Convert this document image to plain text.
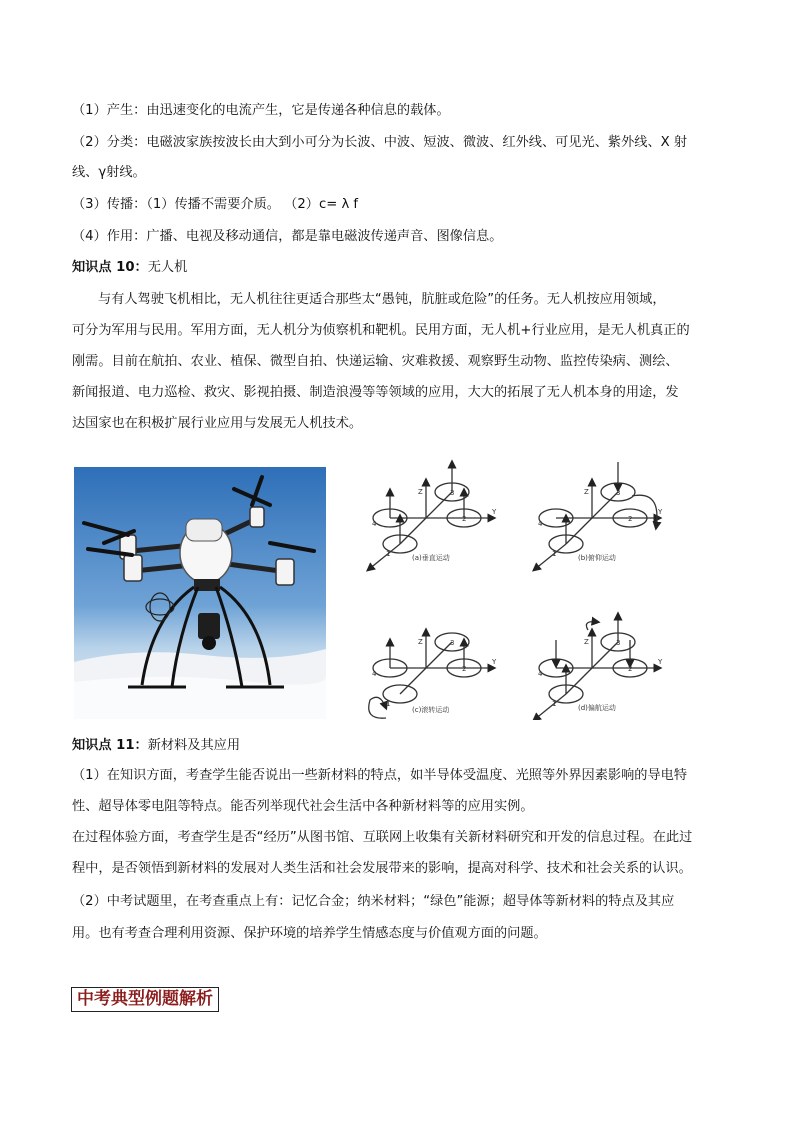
（1）产生：由迅速变化的电流产生，它是传递各种信息的载体。
（2）分类：电磁波家族按波长由大到小可分为长波、中波、短波、微波、红外线、可见光、紫外线、X 射
线、γ射线。
（3）传播：（1）传播不需要介质。 （2）c= λ f
（4）作用：广播、电视及移动通信，都是靠电磁波传递声音、图像信息。
知识点 10：无人机
与有人驾驶飞机相比，无人机往往更适合那些太“愚钝，肮脏或危险”的任务。无人机按应用领域，
可分为军用与民用。军用方面，无人机分为侦察机和靶机。民用方面，无人机+行业应用，是无人机真正的
刚需。目前在航拍、农业、植保、微型自拍、快递运输、灾难救援、观察野生动物、监控传染病、测绘、
新闻报道、电力巡检、救灾、影视拍摄、制造浪漫等等领域的应用，大大的拓展了无人机本身的用途，发
达国家也在积极扩展行业应用与发展无人机技术。
Z
Y
3
2
4
1	(a)垂直运动
Z
Y
3
2
4
1	(b)俯仰运动
Z
Y
3
2
4
1
(c)滚转运动
Z
Y
3
2
4
1	(d)偏航运动
知识点 11：新材料及其应用
（1）在知识方面，考查学生能否说出一些新材料的特点，如半导体受温度、光照等外界因素影响的导电特
性、超导体零电阻等特点。能否列举现代社会生活中各种新材料等的应用实例。
在过程体验方面，考查学生是否“经历”从图书馆、互联网上收集有关新材料研究和开发的信息过程。在此过
程中，是否领悟到新材料的发展对人类生活和社会发展带来的影响，提高对科学、技术和社会关系的认识。
（2）中考试题里，在考查重点上有：记忆合金；纳米材料；“绿色”能源；超导体等新材料的特点及其应
用。也有考查合理利用资源、保护环境的培养学生情感态度与价值观方面的问题。
中考典型例题解析
